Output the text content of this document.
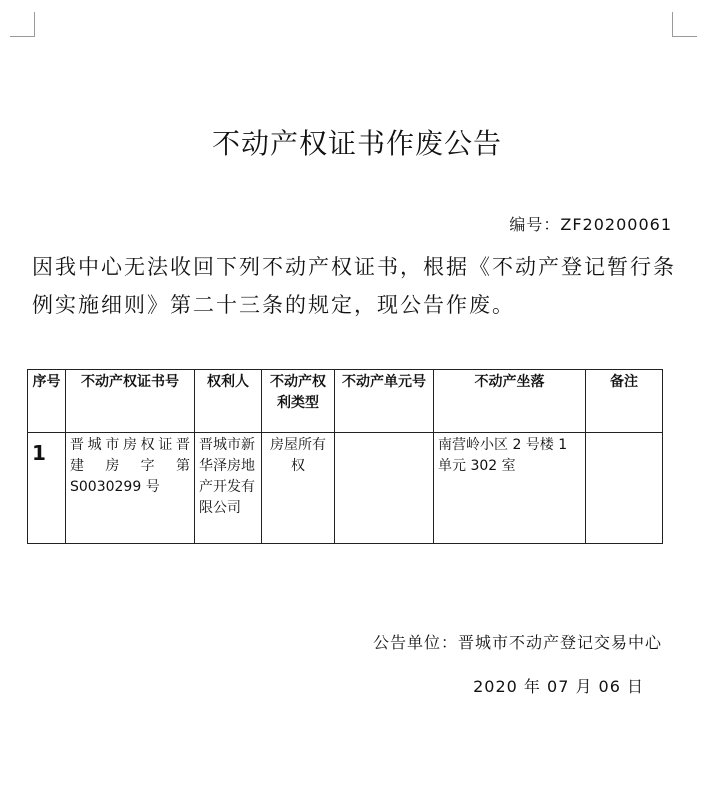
不动产权证书作废公告
编号：ZF20200061
因我中心无法收回下列不动产权证书，根据《不动产登记暂行条例实施细则》第二十三条的规定，现公告作废。
序号	不动产权证书号	权利人	不动产权利类型	不动产单元号	不动产坐落	备注
1	晋城市房权证晋
建 房 字 第
S0030299 号	晋城市新华泽房地产开发有限公司	房屋所有权		南营岭小区 2 号楼 1 单元 302 室	
公告单位：晋城市不动产登记交易中心
2020 年 07 月 06 日
